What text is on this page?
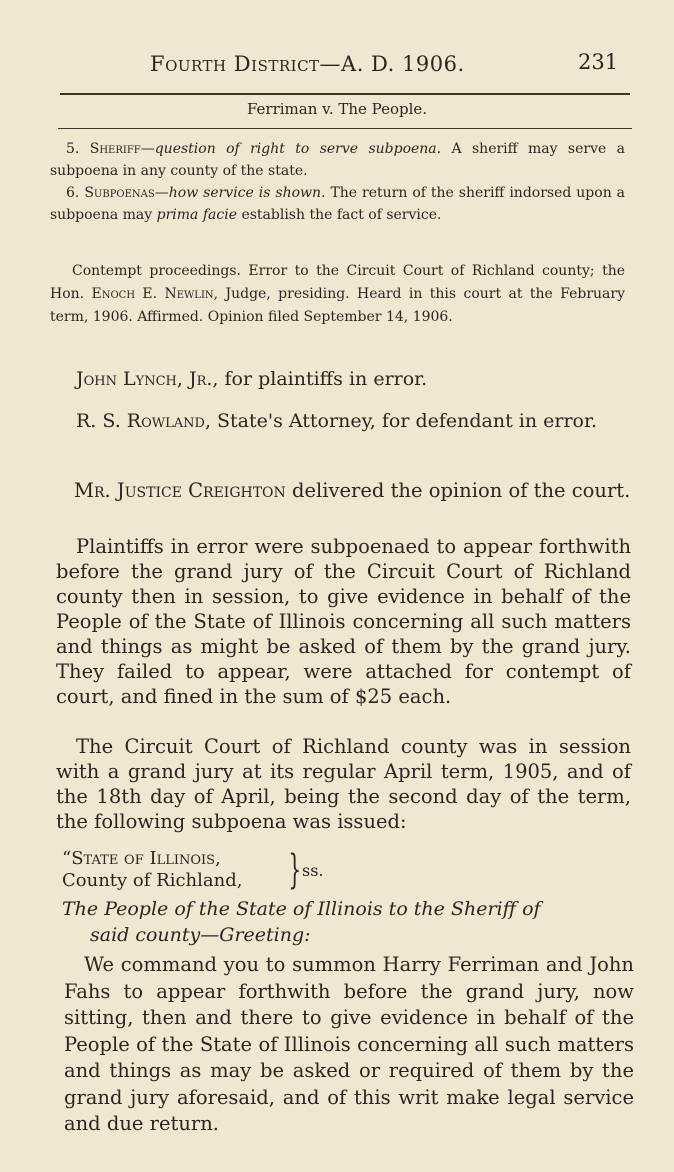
Fourth District—A. D. 1906.	231
Ferriman v. The People.
5. Sheriff—question of right to serve subpoena. A sheriff may serve a subpoena in any county of the state.
6. Subpoenas—how service is shown. The return of the sheriff indorsed upon a subpoena may prima facie establish the fact of service.
Contempt proceedings. Error to the Circuit Court of Richland county; the Hon. Enoch E. Newlin, Judge, presiding. Heard in this court at the February term, 1906. Affirmed. Opinion filed September 14, 1906.
John Lynch, Jr., for plaintiffs in error.
R. S. Rowland, State's Attorney, for defendant in error.
Mr. Justice Creighton delivered the opinion of the court.
Plaintiffs in error were subpoenaed to appear forthwith before the grand jury of the Circuit Court of Richland county then in session, to give evidence in behalf of the People of the State of Illinois concerning all such matters and things as might be asked of them by the grand jury. They failed to appear, were attached for contempt of court, and fined in the sum of $25 each.
The Circuit Court of Richland county was in session with a grand jury at its regular April term, 1905, and of the 18th day of April, being the second day of the term, the following subpoena was issued:
“State of Illinois,
County of Richland, } ss.
The People of the State of Illinois to the Sheriff of
said county—Greeting:
We command you to summon Harry Ferriman and John Fahs to appear forthwith before the grand jury, now sitting, then and there to give evidence in behalf of the People of the State of Illinois concerning all such matters and things as may be asked or required of them by the grand jury aforesaid, and of this writ make legal service and due return.
